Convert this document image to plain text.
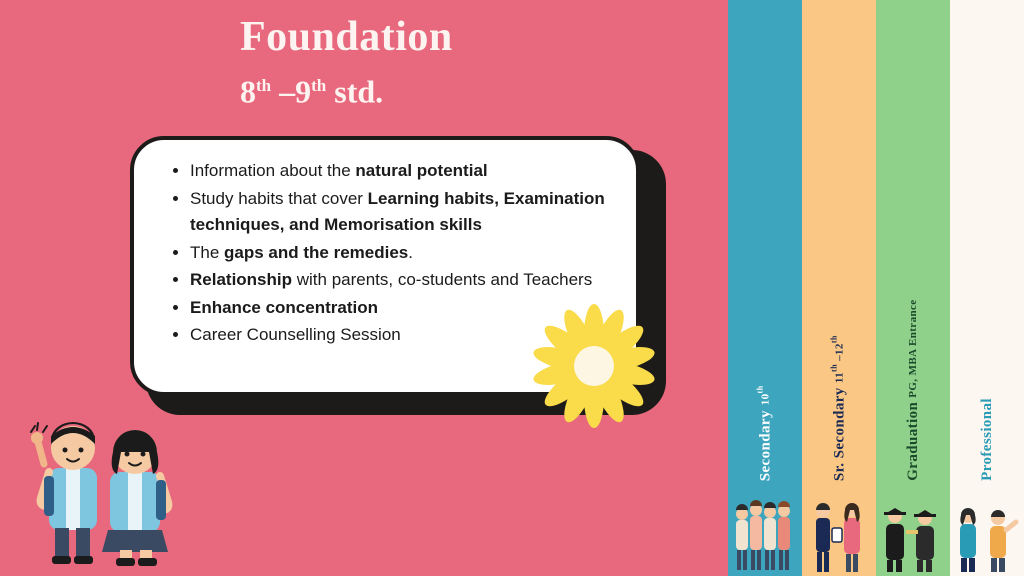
Foundation
8th –9th std.
• Information about the natural potential
• Study habits that cover Learning habits, Examination techniques, and Memorisation skills
• The gaps and the remedies.
• Relationship with parents, co-students and Teachers
• Enhance concentration
• Career Counselling Session
Secondary 10th	Sr. Secondary 11th –12th
Graduation PG, MBA Entrance
Professional
